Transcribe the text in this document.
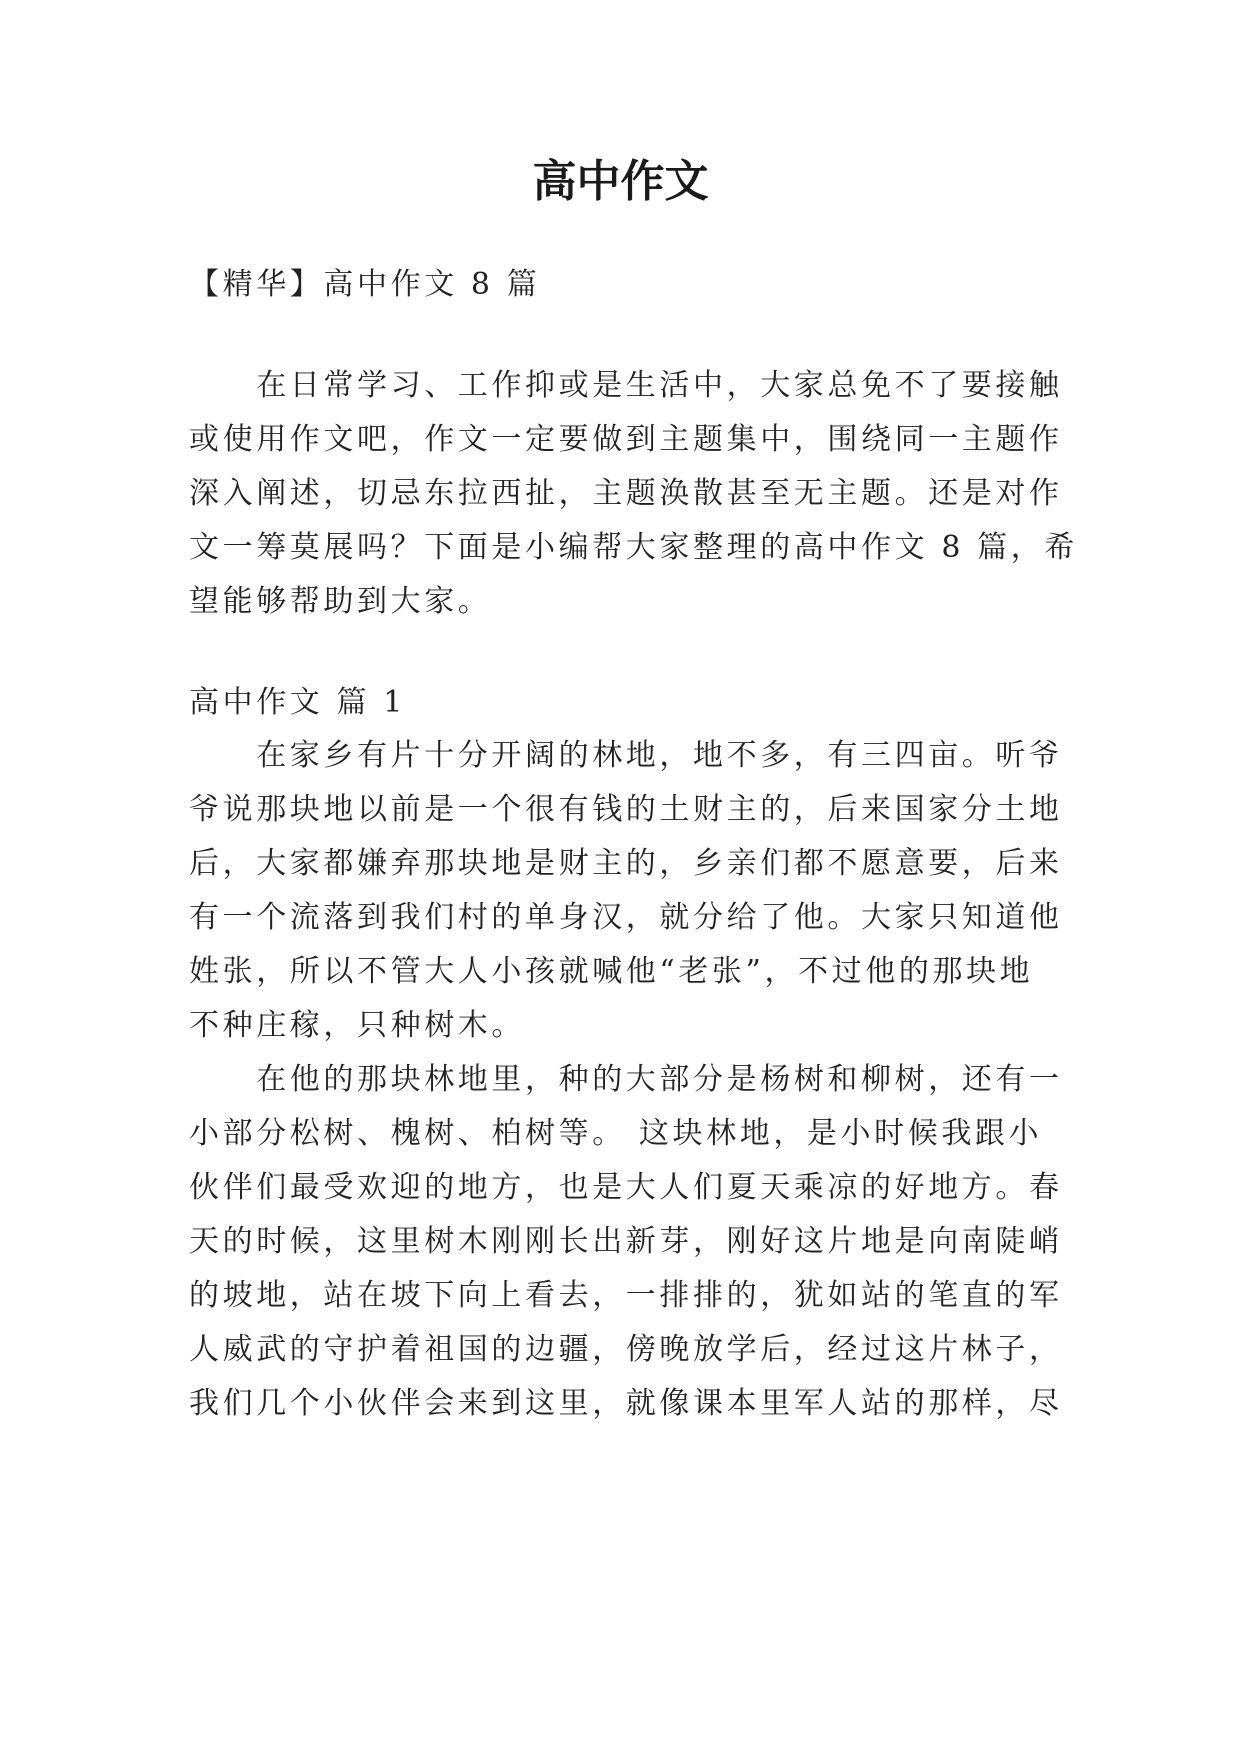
高中作文

【精华】高中作文 8 篇

　　在日常学习、工作抑或是生活中，大家总免不了要接触

或使用作文吧，作文一定要做到主题集中，围绕同一主题作

深入阐述，切忌东拉西扯，主题涣散甚至无主题。还是对作

文一筹莫展吗？下面是小编帮大家整理的高中作文 8 篇，希

望能够帮助到大家。

高中作文 篇 1

　　在家乡有片十分开阔的林地，地不多，有三四亩。听爷

爷说那块地以前是一个很有钱的土财主的，后来国家分土地

后，大家都嫌弃那块地是财主的，乡亲们都不愿意要，后来

有一个流落到我们村的单身汉，就分给了他。大家只知道他

姓张，所以不管大人小孩就喊他“老张”，不过他的那块地

不种庄稼，只种树木。

　　在他的那块林地里，种的大部分是杨树和柳树，还有一

小部分松树、槐树、柏树等。 这块林地，是小时候我跟小

伙伴们最受欢迎的地方，也是大人们夏天乘凉的好地方。春

天的时候，这里树木刚刚长出新芽，刚好这片地是向南陡峭

的坡地，站在坡下向上看去，一排排的，犹如站的笔直的军

人威武的守护着祖国的边疆，傍晚放学后，经过这片林子，

我们几个小伙伴会来到这里，就像课本里军人站的那样，尽
